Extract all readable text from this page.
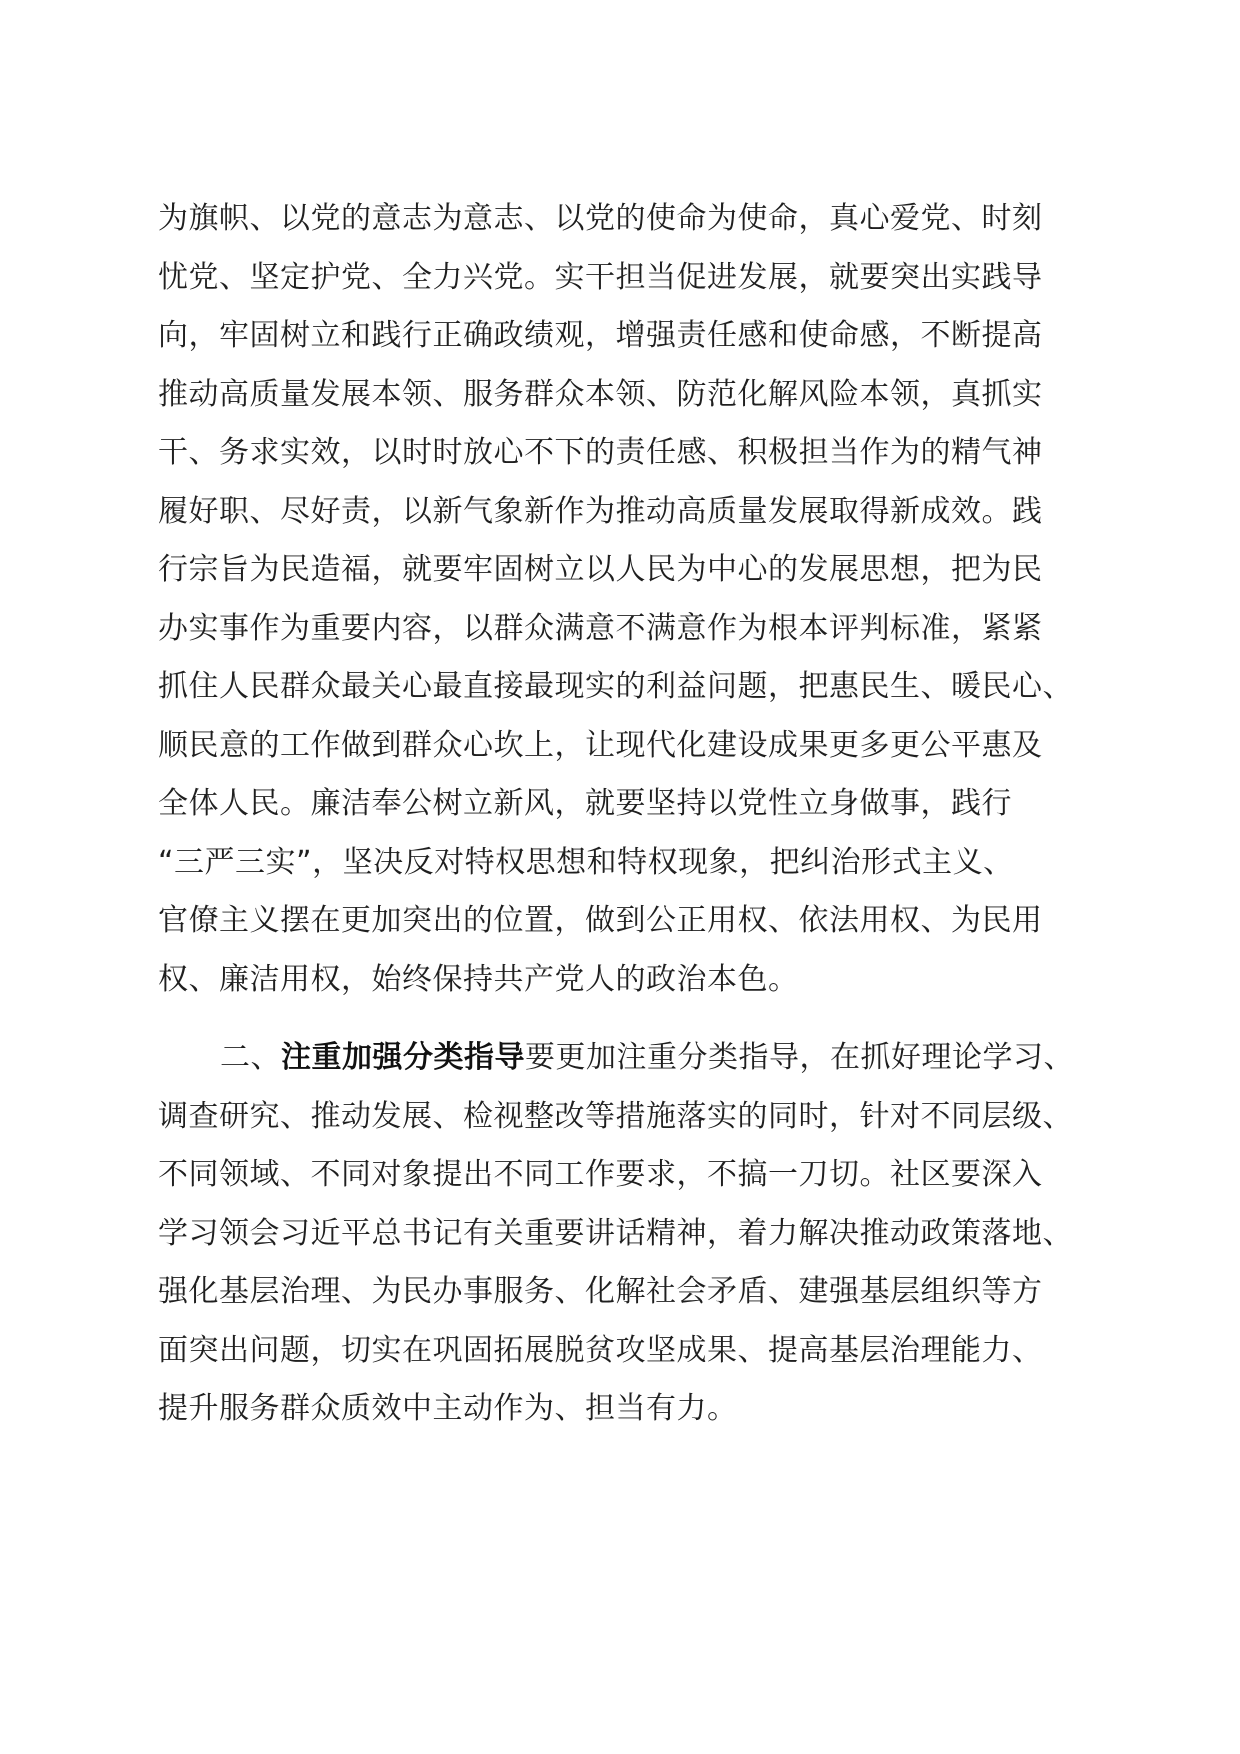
为旗帜、以党的意志为意志、以党的使命为使命，真心爱党、时刻
忧党、坚定护党、全力兴党。实干担当促进发展，就要突出实践导
向，牢固树立和践行正确政绩观，增强责任感和使命感，不断提高
推动高质量发展本领、服务群众本领、防范化解风险本领，真抓实
干、务求实效，以时时放心不下的责任感、积极担当作为的精气神
履好职、尽好责，以新气象新作为推动高质量发展取得新成效。践
行宗旨为民造福，就要牢固树立以人民为中心的发展思想，把为民
办实事作为重要内容，以群众满意不满意作为根本评判标准，紧紧
抓住人民群众最关心最直接最现实的利益问题，把惠民生、暖民心、
顺民意的工作做到群众心坎上，让现代化建设成果更多更公平惠及
全体人民。廉洁奉公树立新风，就要坚持以党性立身做事，践行
“三严三实”，坚决反对特权思想和特权现象，把纠治形式主义、
官僚主义摆在更加突出的位置，做到公正用权、依法用权、为民用
权、廉洁用权，始终保持共产党人的政治本色。
二、注重加强分类指导要更加注重分类指导，在抓好理论学习、
调查研究、推动发展、检视整改等措施落实的同时，针对不同层级、
不同领域、不同对象提出不同工作要求，不搞一刀切。社区要深入
学习领会习近平总书记有关重要讲话精神，着力解决推动政策落地、
强化基层治理、为民办事服务、化解社会矛盾、建强基层组织等方
面突出问题，切实在巩固拓展脱贫攻坚成果、提高基层治理能力、
提升服务群众质效中主动作为、担当有力。
